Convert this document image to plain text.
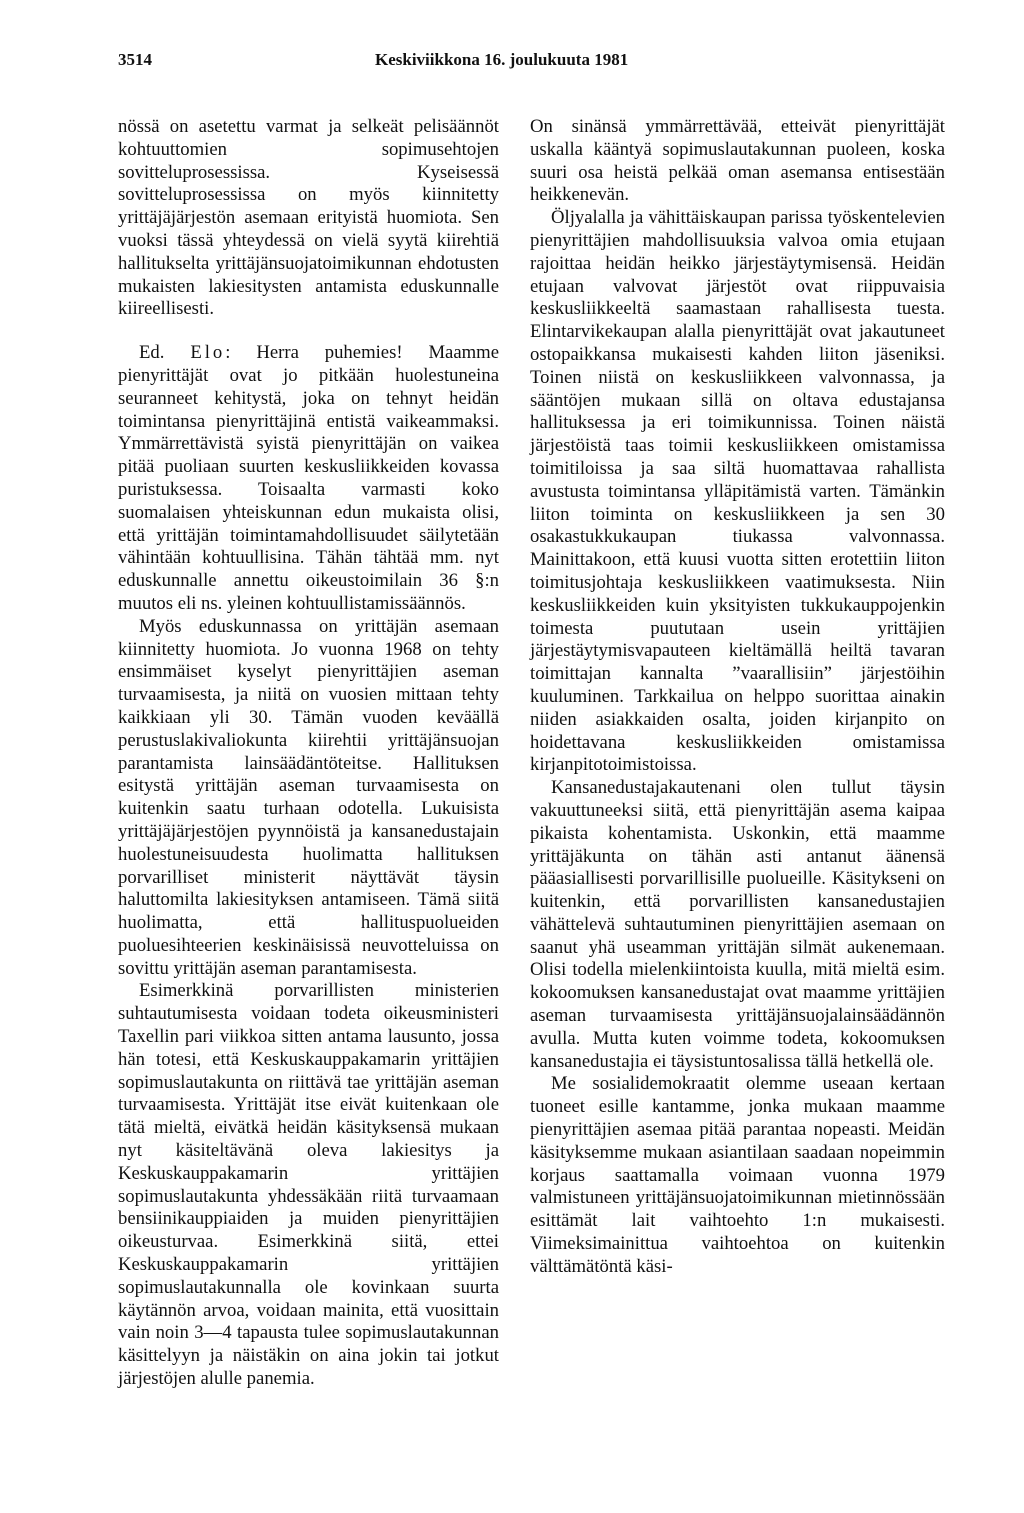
3514	Keskiviikkona 16. joulukuuta 1981

nössä on asetettu varmat ja selkeät pelisäännöt kohtuuttomien sopimusehtojen sovitteluprosessissa. Kyseisessä sovitteluprosessissa on myös kiinnitetty yrittäjäjärjestön asemaan erityistä huomiota. Sen vuoksi tässä yhteydessä on vielä syytä kiirehtiä hallitukselta yrittäjänsuojatoimikunnan ehdotusten mukaisten lakiesitysten antamista eduskunnalle kiireellisesti.

Ed. Elo: Herra puhemies! Maamme pienyrittäjät ovat jo pitkään huolestuneina seuranneet kehitystä, joka on tehnyt heidän toimintansa pienyrittäjinä entistä vaikeammaksi. Ymmärrettävistä syistä pienyrittäjän on vaikea pitää puoliaan suurten keskusliikkeiden kovassa puristuksessa. Toisaalta varmasti koko suomalaisen yhteiskunnan edun mukaista olisi, että yrittäjän toimintamahdollisuudet säilytetään vähintään kohtuullisina. Tähän tähtää mm. nyt eduskunnalle annettu oikeustoimilain 36 §:n muutos eli ns. yleinen kohtuullistamissäännös.

Myös eduskunnassa on yrittäjän asemaan kiinnitetty huomiota. Jo vuonna 1968 on tehty ensimmäiset kyselyt pienyrittäjien aseman turvaamisesta, ja niitä on vuosien mittaan tehty kaikkiaan yli 30. Tämän vuoden keväällä perustuslakivaliokunta kiirehtii yrittäjänsuojan parantamista lainsäädäntöteitse. Hallituksen esitystä yrittäjän aseman turvaamisesta on kuitenkin saatu turhaan odotella. Lukuisista yrittäjäjärjestöjen pyynnöistä ja kansanedustajain huolestuneisuudesta huolimatta hallituksen porvarilliset ministerit näyttävät täysin haluttomilta lakiesityksen antamiseen. Tämä siitä huolimatta, että hallituspuolueiden puoluesihteerien keskinäisissä neuvotteluissa on sovittu yrittäjän aseman parantamisesta.

Esimerkkinä porvarillisten ministerien suhtautumisesta voidaan todeta oikeusministeri Taxellin pari viikkoa sitten antama lausunto, jossa hän totesi, että Keskuskauppakamarin yrittäjien sopimuslautakunta on riittävä tae yrittäjän aseman turvaamisesta. Yrittäjät itse eivät kuitenkaan ole tätä mieltä, eivätkä heidän käsityksensä mukaan nyt käsiteltävänä oleva lakiesitys ja Keskuskauppakamarin yrittäjien sopimuslautakunta yhdessäkään riitä turvaamaan bensiinikauppiaiden ja muiden pienyrittäjien oikeusturvaa. Esimerkkinä siitä, ettei Keskuskauppakamarin yrittäjien sopimuslautakunnalla ole kovinkaan suurta käytännön arvoa, voidaan mainita, että vuosittain vain noin 3—4 tapausta tulee sopimuslautakunnan käsittelyyn ja näistäkin on aina jokin tai jotkut järjestöjen alulle panemia.

On sinänsä ymmärrettävää, etteivät pienyrittäjät uskalla kääntyä sopimuslautakunnan puoleen, koska suuri osa heistä pelkää oman asemansa entisestään heikkenevän.

Öljyalalla ja vähittäiskaupan parissa työskentelevien pienyrittäjien mahdollisuuksia valvoa omia etujaan rajoittaa heidän heikko järjestäytymisensä. Heidän etujaan valvovat järjestöt ovat riippuvaisia keskusliikkeeltä saamastaan rahallisesta tuesta. Elintarvikekaupan alalla pienyrittäjät ovat jakautuneet ostopaikkansa mukaisesti kahden liiton jäseniksi. Toinen niistä on keskusliikkeen valvonnassa, ja sääntöjen mukaan sillä on oltava edustajansa hallituksessa ja eri toimikunnissa. Toinen näistä järjestöistä taas toimii keskusliikkeen omistamissa toimitiloissa ja saa siltä huomattavaa rahallista avustusta toimintansa ylläpitämistä varten. Tämänkin liiton toiminta on keskusliikkeen ja sen 30 osakastukkukaupan tiukassa valvonnassa. Mainittakoon, että kuusi vuotta sitten erotettiin liiton toimitusjohtaja keskusliikkeen vaatimuksesta. Niin keskusliikkeiden kuin yksityisten tukkukauppojenkin toimesta puututaan usein yrittäjien järjestäytymisvapauteen kieltämällä heiltä tavaran toimittajan kannalta ”vaarallisiin” järjestöihin kuuluminen. Tarkkailua on helppo suorittaa ainakin niiden asiakkaiden osalta, joiden kirjanpito on hoidettavana keskusliikkeiden omistamissa kirjanpitotoimistoissa.

Kansanedustajakautenani olen tullut täysin vakuuttuneeksi siitä, että pienyrittäjän asema kaipaa pikaista kohentamista. Uskonkin, että maamme yrittäjäkunta on tähän asti antanut äänensä pääasiallisesti porvarillisille puolueille. Käsitykseni on kuitenkin, että porvarillisten kansanedustajien vähättelevä suhtautuminen pienyrittäjien asemaan on saanut yhä useamman yrittäjän silmät aukenemaan. Olisi todella mielenkiintoista kuulla, mitä mieltä esim. kokoomuksen kansanedustajat ovat maamme yrittäjien aseman turvaamisesta yrittäjänsuojalainsäädännön avulla. Mutta kuten voimme todeta, kokoomuksen kansanedustajia ei täysistuntosalissa tällä hetkellä ole.

Me sosialidemokraatit olemme useaan kertaan tuoneet esille kantamme, jonka mukaan maamme pienyrittäjien asemaa pitää parantaa nopeasti. Meidän käsityksemme mukaan asiantilaan saadaan nopeimmin korjaus saattamalla voimaan vuonna 1979 valmistuneen yrittäjänsuojatoimikunnan mietinnössään esittämät lait vaihtoehto 1:n mukaisesti. Viimeksimainittua vaihtoehtoa on kuitenkin välttämätöntä käsi-
